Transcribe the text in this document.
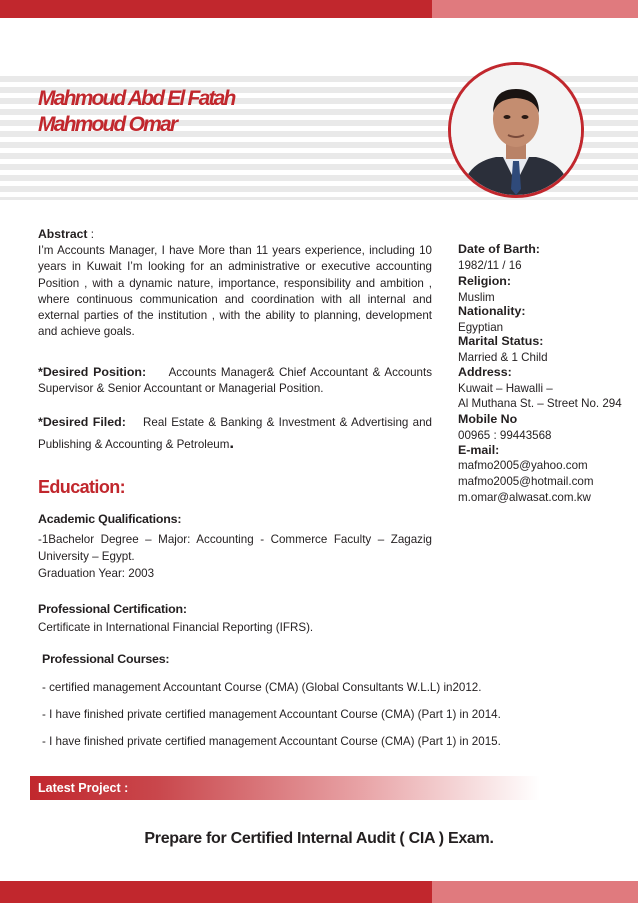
Mahmoud Abd El Fatah
Mahmoud Omar
Abstract :
I’m Accounts Manager, I have More than 11 years experience, including 10 years in Kuwait I’m looking for an administrative or executive accounting Position , with a dynamic nature, importance, responsibility and ambition , where continuous communication and coordination with all internal and external parties of the institution , with the ability to planning, development and achieve goals.
*Desired Position: Accounts Manager& Chief Accountant & Accounts Supervisor & Senior Accountant or Managerial Position.
*Desired Filed: Real Estate & Banking & Investment & Advertising and Publishing & Accounting & Petroleum.
Date of Barth:
1982/11 / 16
Religion:
Muslim
Nationality:
Egyptian
Marital Status:
Married & 1 Child
Address:
Kuwait – Hawalli –
Al Muthana St. – Street No. 294
Mobile No
00965 : 99443568
E-mail:
mafmo2005@yahoo.com
mafmo2005@hotmail.com
m.omar@alwasat.com.kw
Education:
Academic Qualifications:
-1Bachelor Degree – Major: Accounting - Commerce Faculty – Zagazig University – Egypt.
Graduation Year: 2003
Professional Certification:
Certificate in International Financial Reporting (IFRS).
Professional Courses:
- certified management Accountant Course (CMA) (Global Consultants W.L.L) in2012.
- I have finished private certified management Accountant Course (CMA) (Part 1) in 2014.
- I have finished private certified management Accountant Course (CMA) (Part 1) in 2015.
Latest Project :
Prepare for Certified Internal Audit ( CIA ) Exam.
